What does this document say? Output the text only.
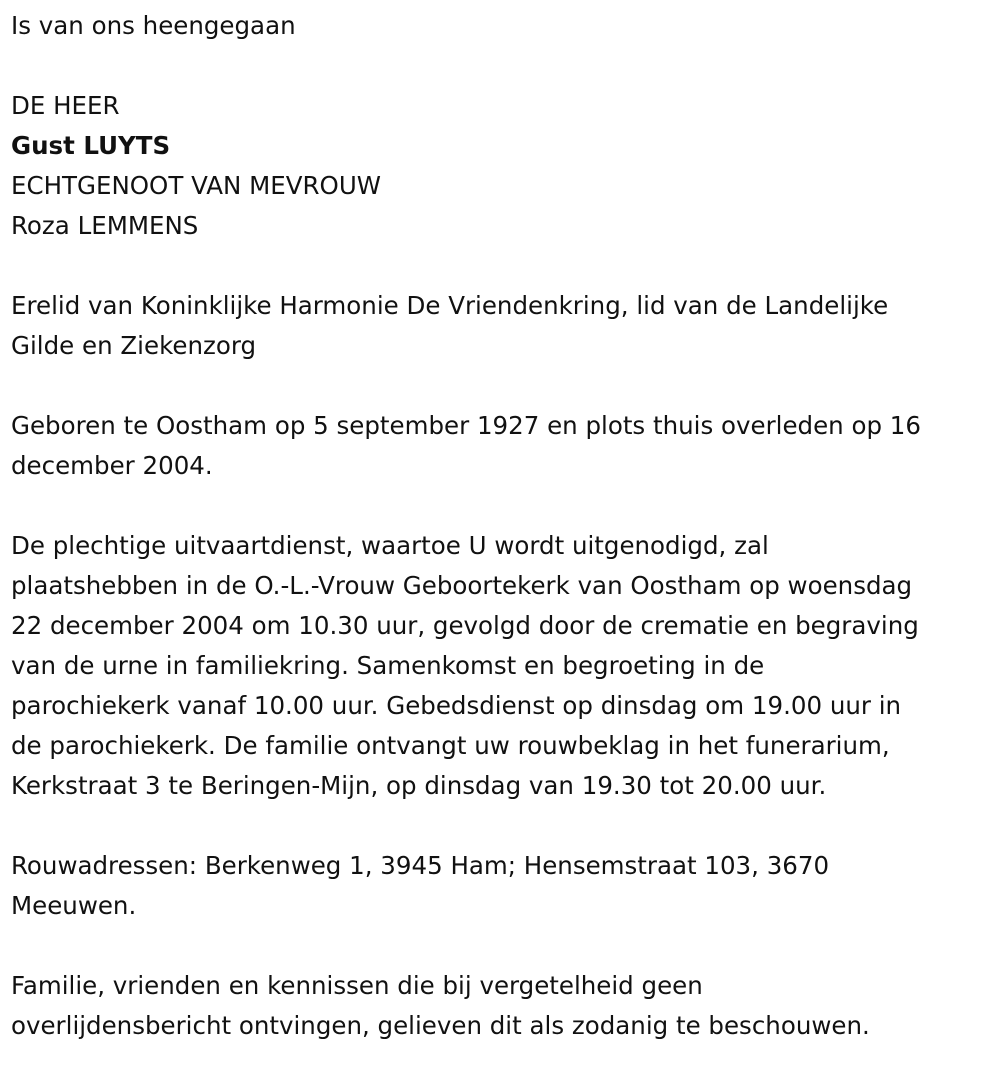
Is van ons heengegaan

DE HEER

Gust LUYTS

ECHTGENOOT VAN MEVROUW

Roza LEMMENS

Erelid van Koninklijke Harmonie De Vriendenkring, lid van de Landelijke

Gilde en Ziekenzorg

Geboren te Oostham op 5 september 1927 en plots thuis overleden op 16

december 2004.

De plechtige uitvaartdienst, waartoe U wordt uitgenodigd, zal

plaatshebben in de O.-L.-Vrouw Geboortekerk van Oostham op woensdag

22 december 2004 om 10.30 uur, gevolgd door de crematie en begraving

van de urne in familiekring. Samenkomst en begroeting in de

parochiekerk vanaf 10.00 uur. Gebedsdienst op dinsdag om 19.00 uur in

de parochiekerk. De familie ontvangt uw rouwbeklag in het funerarium,

Kerkstraat 3 te Beringen-Mijn, op dinsdag van 19.30 tot 20.00 uur.

Rouwadressen: Berkenweg 1, 3945 Ham; Hensemstraat 103, 3670

Meeuwen.

Familie, vrienden en kennissen die bij vergetelheid geen

overlijdensbericht ontvingen, gelieven dit als zodanig te beschouwen.
